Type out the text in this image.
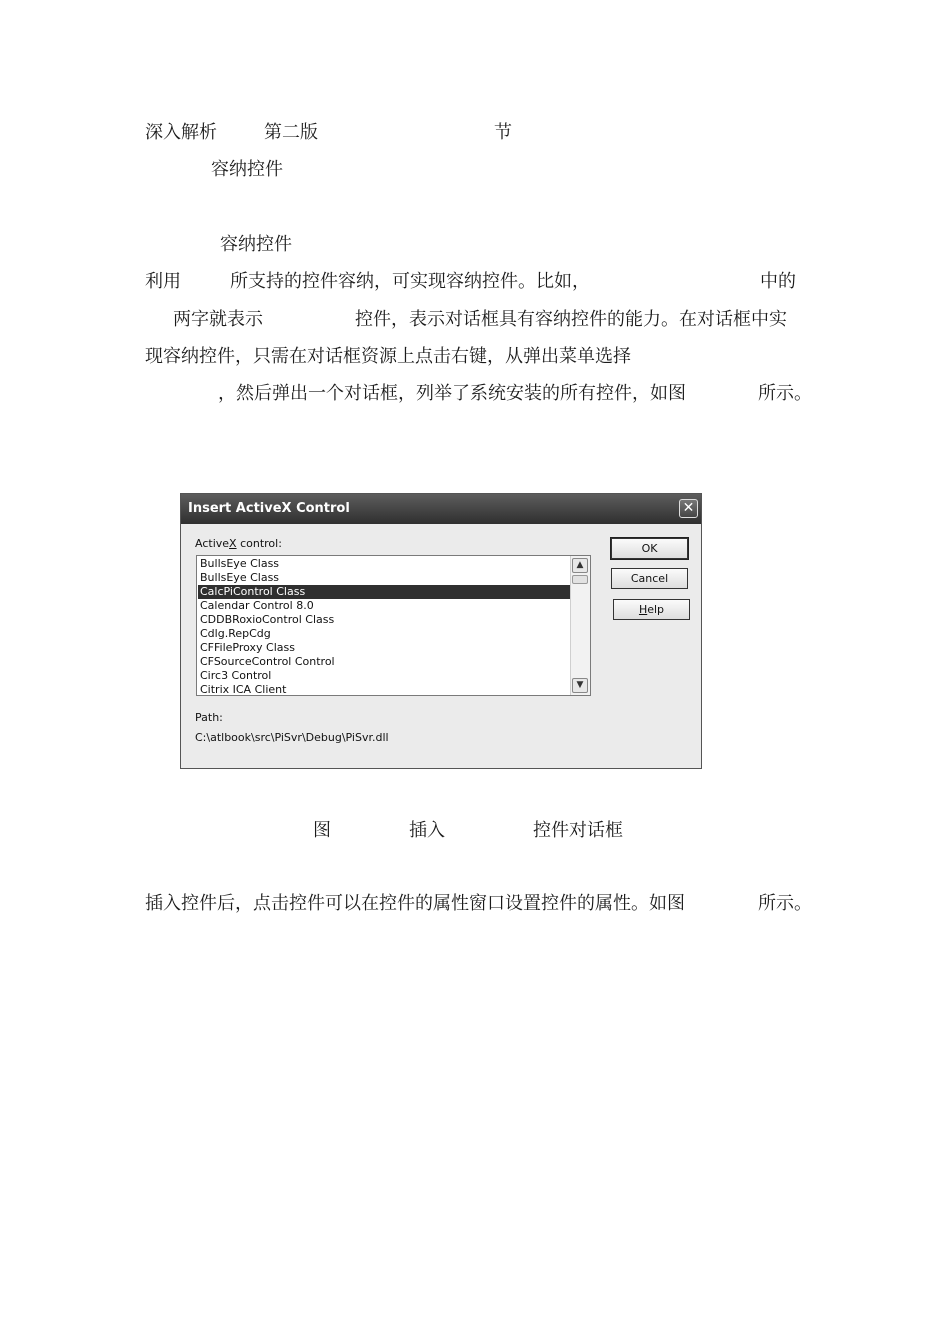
深入解析	第二版	节
容纳控件
容纳控件
利用	所支持的控件容纳，可实现容纳控件。比如，	中的
两字就表示	控件，表示对话框具有容纳控件的能力。在对话框中实
现容纳控件，只需在对话框资源上点击右键，从弹出菜单选择
，然后弹出一个对话框，列举了系统安装的所有控件，如图	所示。
Insert ActiveX Control	✕
ActiveX control:
BullsEye Class
BullsEye Class
CalcPiControl Class
Calendar Control 8.0
CDDBRoxioControl Class
Cdlg.RepCdg
CFFileProxy Class
CFSourceControl Control
Circ3 Control
Citrix ICA Client
▲
▼
OK
Cancel
Help
Path:
C:\atlbook\src\PiSvr\Debug\PiSvr.dll
图	插入	控件对话框
插入控件后，点击控件可以在控件的属性窗口设置控件的属性。如图	所示。
